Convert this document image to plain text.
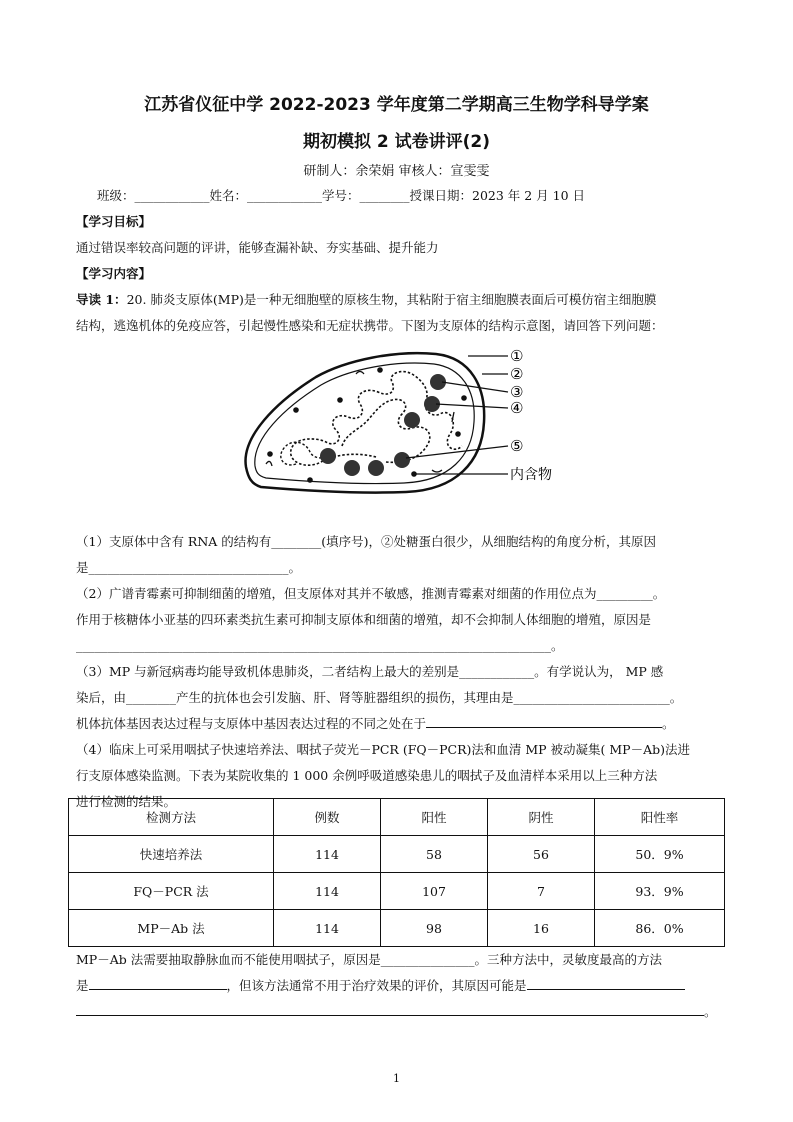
江苏省仪征中学 2022-2023 学年度第二学期高三生物学科导学案
期初模拟 2 试卷讲评(2)
研制人：余荣娟 审核人：宣雯雯
班级：____________姓名：____________学号：________授课日期：2023 年 2 月 10 日
【学习目标】
通过错误率较高问题的评讲，能够查漏补缺、夯实基础、提升能力
【学习内容】
导读 1：20. 肺炎支原体(MP)是一种无细胞壁的原核生物，其粘附于宿主细胞膜表面后可模仿宿主细胞膜
结构，逃逸机体的免疫应答，引起慢性感染和无症状携带。下图为支原体的结构示意图，请回答下列问题：
①
②
③
④
⑤
内含物
（1）支原体中含有 RNA 的结构有________(填序号)，②处糖蛋白很少，从细胞结构的角度分析，其原因
是________________________________。
（2）广谱青霉素可抑制细菌的增殖，但支原体对其并不敏感，推测青霉素对细菌的作用位点为_________。
作用于核糖体小亚基的四环素类抗生素可抑制支原体和细菌的增殖，却不会抑制人体细胞的增殖，原因是
____________________________________________________________________________。
（3）MP 与新冠病毒均能导致机体患肺炎，二者结构上最大的差别是____________。有学说认为， MP 感
染后，由________产生的抗体也会引发脑、肝、肾等脏器组织的损伤，其理由是_________________________。
机体抗体基因表达过程与支原体中基因表达过程的不同之处在于	。
（4）临床上可采用咽拭子快速培养法、咽拭子荧光－PCR (FQ－PCR)法和血清 MP 被动凝集( MP－Ab)法进
行支原体感染监测。下表为某院收集的 1 000 余例呼吸道感染患儿的咽拭子及血清样本采用以上三种方法
进行检测的结果。
检测方法	例数	阳性	阴性	阳性率
快速培养法	114	58	56	50．9%
FQ－PCR 法	114	107	7	93．9%
MP－Ab 法	114	98	16	86．0%
MP－Ab 法需要抽取静脉血而不能使用咽拭子，原因是_______________。三种方法中，灵敏度最高的方法
是	，但该方法通常不用于治疗效果的评价，其原因可能是
。
1
